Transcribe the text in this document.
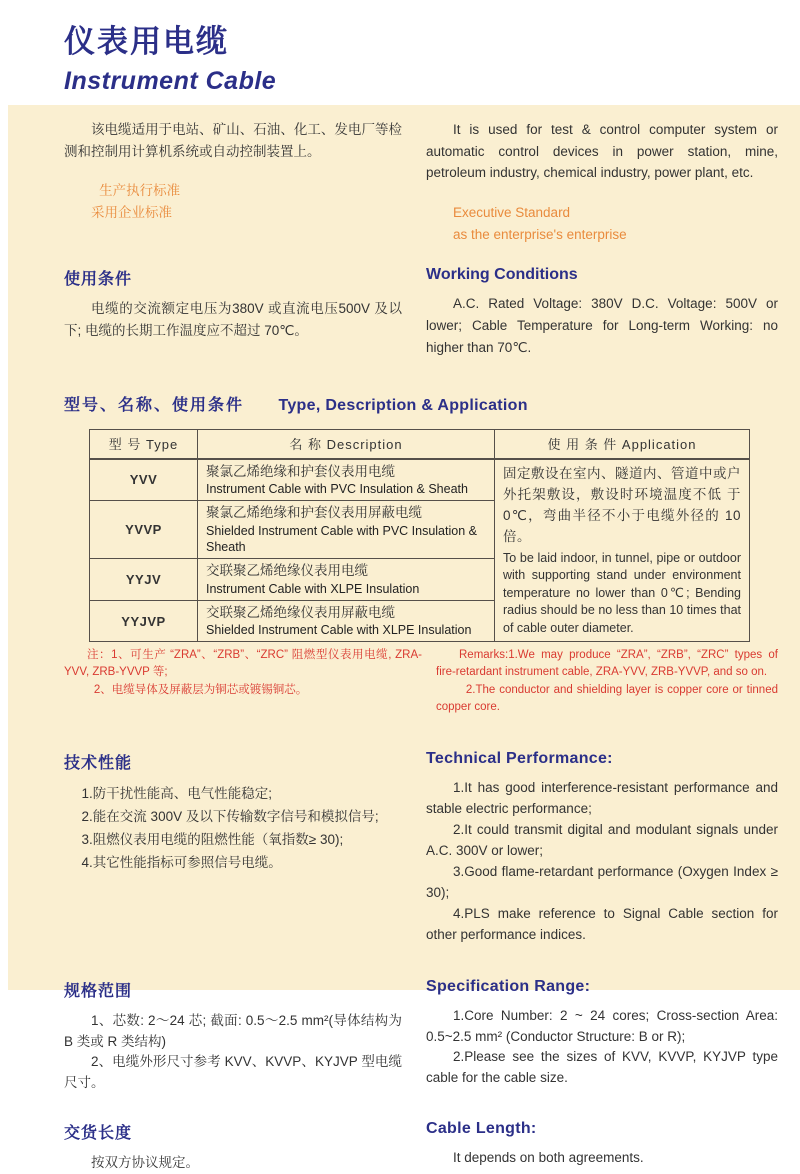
仪表用电缆
Instrument Cable

该电缆适用于电站、矿山、石油、化工、发电厂等检测和控制用计算机系统或自动控制装置上。

生产执行标准
采用企业标准

It is used for test & control computer system or automatic control devices in power station, mine, petroleum industry, chemical industry, power plant, etc.

Executive Standard
as the enterprise's enterprise
使用条件

电缆的交流额定电压为380V 或直流电压500V 及以下; 电缆的长期工作温度应不超过 70℃。

Working Conditions

A.C. Rated Voltage: 380V D.C. Voltage: 500V or lower; Cable Temperature for Long-term Working: no higher than 70℃.

型号、名称、使用条件 Type, Description & Application
型 号 Type	名 称 Description	使 用 条 件 Application
YVV	
聚氯乙烯绝缘和护套仪表用电缆
Instrument Cable with PVC Insulation & Sheath

固定敷设在室内、隧道内、管道中或户外托架敷设，敷设时环境温度不低 于0℃，弯曲半径不小于电缆外径的 10 倍。
To be laid indoor, in tunnel, pipe or outdoor with supporting stand under environment temperature no lower than 0℃; Bending radius should be no less than 10 times that of cable outer diameter.

YVVP	聚氯乙烯绝缘和护套仪表用屏蔽电缆
Shielded Instrument Cable with PVC Insulation & Sheath	

YYJV	交联聚乙烯绝缘仪表用电缆
Instrument Cable with XLPE Insulation	

YYJVP	交联聚乙烯绝缘仪表用屏蔽电缆
Shielded Instrument Cable with XLPE Insulation	
注：1、可生产 “ZRA”、“ZRB”、“ZRC” 阻燃型仪表用电缆, ZRA-YVV, ZRB-YVVP 等;
2、电缆导体及屏蔽层为铜芯或镀锡铜芯。
Remarks:1.We may produce “ZRA”, “ZRB”, “ZRC” types of fire-retardant instrument cable, ZRA-YVV, ZRB-YVVP, and so on.
2.The conductor and shielding layer is copper core or tinned copper core.
技术性能

1.防干扰性能高、电气性能稳定;

2.能在交流 300V 及以下传输数字信号和模拟信号;

3.阻燃仪表用电缆的阻燃性能（氧指数≥ 30);

4.其它性能指标可参照信号电缆。

Technical Performance:

1.It has good interference-resistant performance and stable electric performance;

2.It could transmit digital and modulant signals under A.C. 300V or lower;

3.Good flame-retardant performance (Oxygen Index ≥ 30);

4.PLS make reference to Signal Cable section for other performance indices.

规格范围

1、芯数: 2～24 芯; 截面: 0.5～2.5 mm²(导体结构为 B 类或 R 类结构)

2、电缆外形尺寸参考 KVV、KVVP、KYJVP 型电缆尺寸。

Specification Range:

1.Core Number: 2 ~ 24 cores; Cross-section Area: 0.5~2.5 mm² (Conductor Structure: B or R);

2.Please see the sizes of KVV, KVVP, KYJVP type cable for the cable size.

交货长度

按双方协议规定。

Cable Length:

It depends on both agreements.
